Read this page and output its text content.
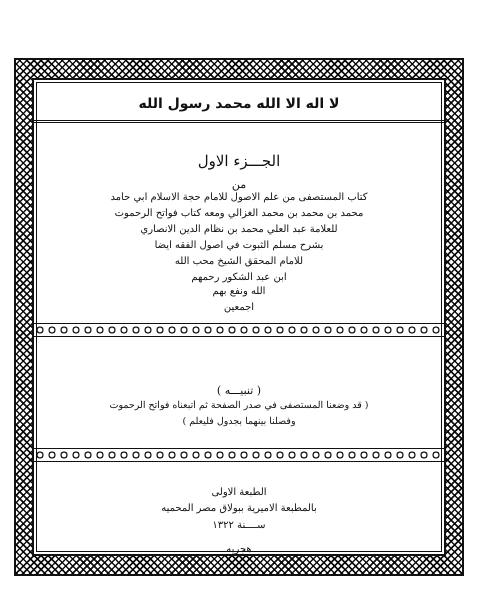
لا اله الا الله محمد رسول الله
الجـــزء الاول
من
كتاب المستصفى من علم الاصول للامام حجة الاسلام أبي حامد
محمد بن محمد بن محمد الغزالي ومعه كتاب فواتح الرحموت
للعلامة عبد العلي محمد بن نظام الدين الانصاري
بشرح مسلم الثبوت في أصول الفقه أيضا
للامام المحقق الشيخ محب الله
ابن عبد الشكور رحمهم
الله ونفع بهم
أجمعين
( تنبيـــه )
( قد وضعنا المستصفى في صدر الصفحة ثم أتبعناه فواتح الرحموت
وفصلنا بينهما بجدول فليعلم )
الطبعة الاولى
بالمطبعة الاميرية ببولاق مصر المحميه
ســــنة ١٣٢٢
هجريه
